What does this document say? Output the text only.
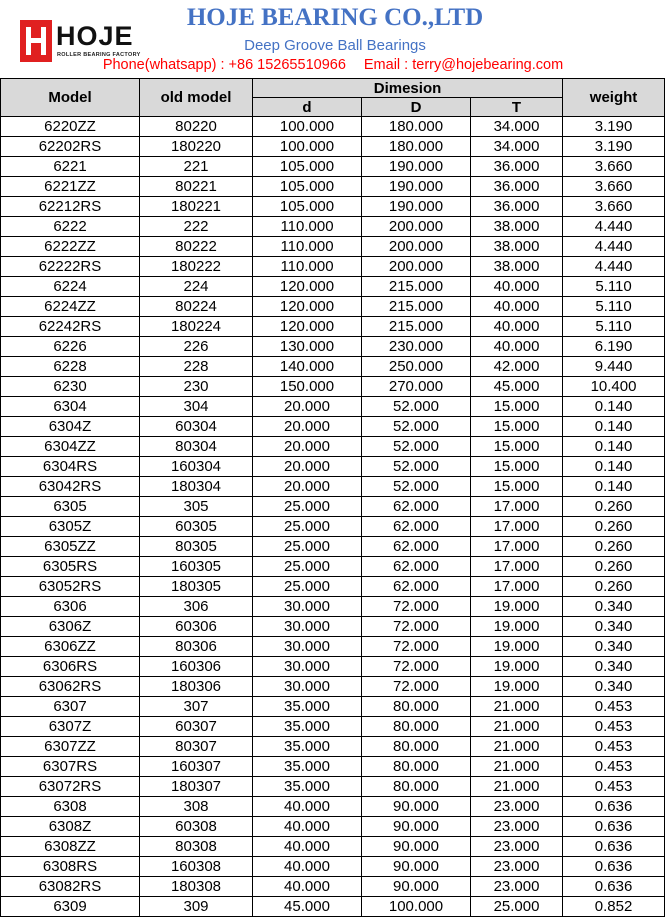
HOJE
ROLLER BEARING FACTORY
HOJE BEARING CO.,LTD
Deep Groove Ball Bearings
Phone(whatsapp) : +86 15265510966 Email : terry@hojebearing.com
Model	old model	Dimesion			weight
		d	D	T	
6220ZZ	80220	100.000	180.000	34.000	3.190
62202RS	180220	100.000	180.000	34.000	3.190
6221	221	105.000	190.000	36.000	3.660
6221ZZ	80221	105.000	190.000	36.000	3.660
62212RS	180221	105.000	190.000	36.000	3.660
6222	222	110.000	200.000	38.000	4.440
6222ZZ	80222	110.000	200.000	38.000	4.440
62222RS	180222	110.000	200.000	38.000	4.440
6224	224	120.000	215.000	40.000	5.110
6224ZZ	80224	120.000	215.000	40.000	5.110
62242RS	180224	120.000	215.000	40.000	5.110
6226	226	130.000	230.000	40.000	6.190
6228	228	140.000	250.000	42.000	9.440
6230	230	150.000	270.000	45.000	10.400
6304	304	20.000	52.000	15.000	0.140
6304Z	60304	20.000	52.000	15.000	0.140
6304ZZ	80304	20.000	52.000	15.000	0.140
6304RS	160304	20.000	52.000	15.000	0.140
63042RS	180304	20.000	52.000	15.000	0.140
6305	305	25.000	62.000	17.000	0.260
6305Z	60305	25.000	62.000	17.000	0.260
6305ZZ	80305	25.000	62.000	17.000	0.260
6305RS	160305	25.000	62.000	17.000	0.260
63052RS	180305	25.000	62.000	17.000	0.260
6306	306	30.000	72.000	19.000	0.340
6306Z	60306	30.000	72.000	19.000	0.340
6306ZZ	80306	30.000	72.000	19.000	0.340
6306RS	160306	30.000	72.000	19.000	0.340
63062RS	180306	30.000	72.000	19.000	0.340
6307	307	35.000	80.000	21.000	0.453
6307Z	60307	35.000	80.000	21.000	0.453
6307ZZ	80307	35.000	80.000	21.000	0.453
6307RS	160307	35.000	80.000	21.000	0.453
63072RS	180307	35.000	80.000	21.000	0.453
6308	308	40.000	90.000	23.000	0.636
6308Z	60308	40.000	90.000	23.000	0.636
6308ZZ	80308	40.000	90.000	23.000	0.636
6308RS	160308	40.000	90.000	23.000	0.636
63082RS	180308	40.000	90.000	23.000	0.636
6309	309	45.000	100.000	25.000	0.852
